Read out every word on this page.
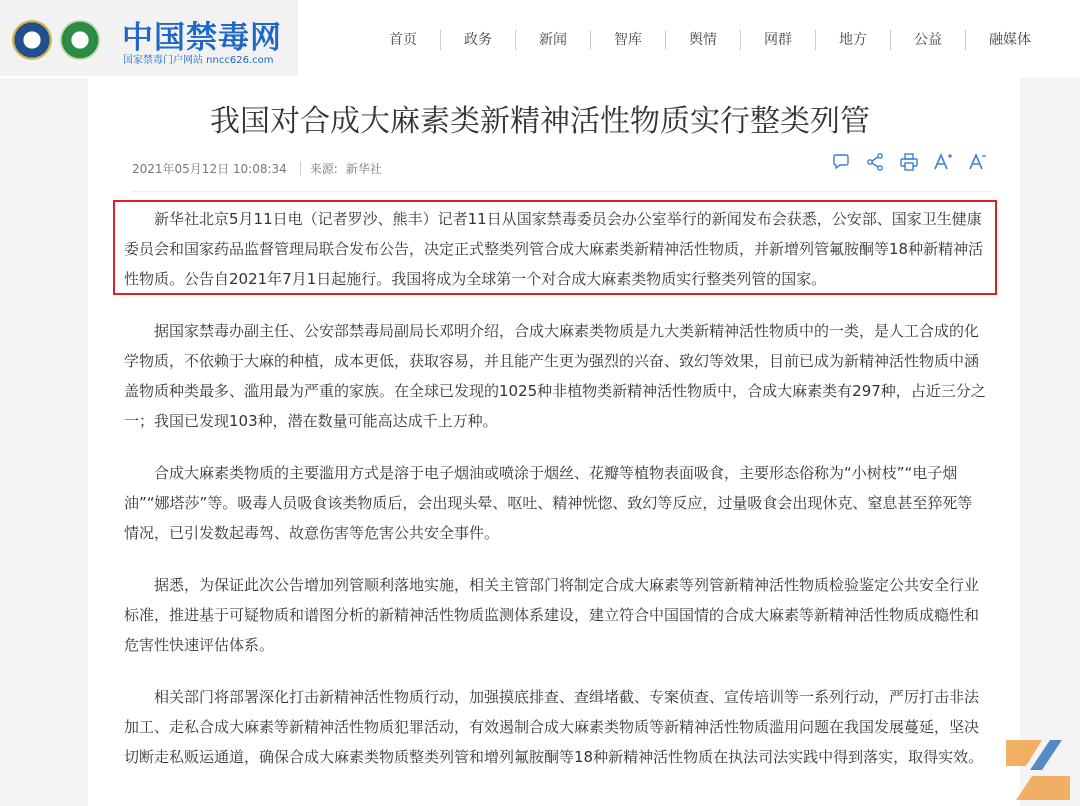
中国禁毒网
国家禁毒门户网站 nncc626.com
首页	政务	新闻	智库	舆情	网群	地方	公益	融媒体
我国对合成大麻素类新精神活性物质实行整类列管
2021年05月12日 10:08:34 来源: 新华社

新华社北京5月11日电（记者罗沙、熊丰）记者11日从国家禁毒委员会办公室举行的新闻发布会获悉，公安部、国家卫生健康委员会和国家药品监督管理局联合发布公告，决定正式整类列管合成大麻素类新精神活性物质，并新增列管氟胺酮等18种新精神活性物质。公告自2021年7月1日起施行。我国将成为全球第一个对合成大麻素类物质实行整类列管的国家。

据国家禁毒办副主任、公安部禁毒局副局长邓明介绍，合成大麻素类物质是九大类新精神活性物质中的一类，是人工合成的化学物质，不依赖于大麻的种植，成本更低，获取容易，并且能产生更为强烈的兴奋、致幻等效果，目前已成为新精神活性物质中涵盖物质种类最多、滥用最为严重的家族。在全球已发现的1025种非植物类新精神活性物质中，合成大麻素类有297种，占近三分之一；我国已发现103种，潜在数量可能高达成千上万种。

合成大麻素类物质的主要滥用方式是溶于电子烟油或喷涂于烟丝、花瓣等植物表面吸食，主要形态俗称为“小树枝”“电子烟油”“娜塔莎”等。吸毒人员吸食该类物质后，会出现头晕、呕吐、精神恍惚、致幻等反应，过量吸食会出现休克、窒息甚至猝死等情况，已引发数起毒驾、故意伤害等危害公共安全事件。

据悉，为保证此次公告增加列管顺利落地实施，相关主管部门将制定合成大麻素等列管新精神活性物质检验鉴定公共安全行业标准，推进基于可疑物质和谱图分析的新精神活性物质监测体系建设，建立符合中国国情的合成大麻素等新精神活性物质成瘾性和危害性快速评估体系。

相关部门将部署深化打击新精神活性物质行动，加强摸底排查、查缉堵截、专案侦查、宣传培训等一系列行动，严厉打击非法加工、走私合成大麻素等新精神活性物质犯罪活动，有效遏制合成大麻素类物质等新精神活性物质滥用问题在我国发展蔓延，坚决切断走私贩运通道，确保合成大麻素类物质整类列管和增列氟胺酮等18种新精神活性物质在执法司法实践中得到落实，取得实效。
